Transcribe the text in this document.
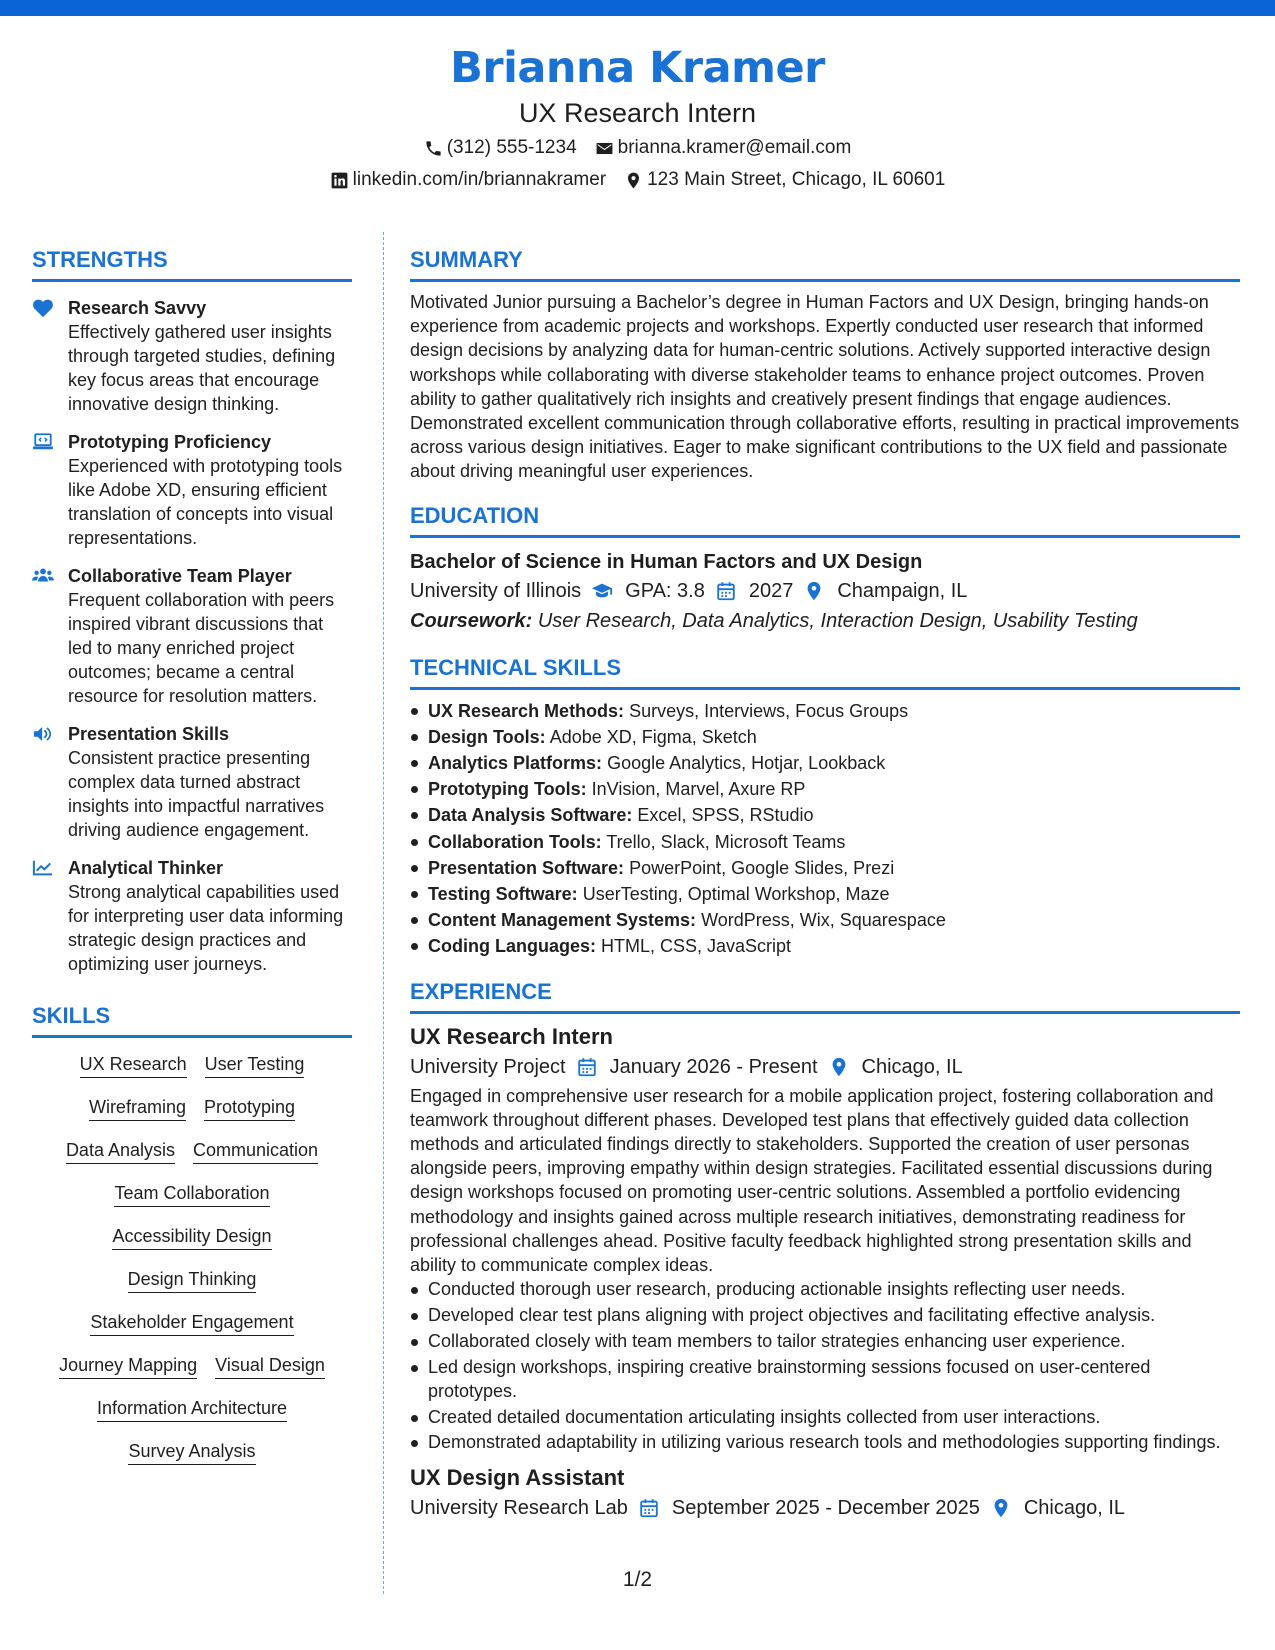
Brianna Kramer
UX Research Intern
(312) 555-1234 brianna.kramer@email.com
linkedin.com/in/briannakramer 123 Main Street, Chicago, IL 60601
STRENGTHS
Research Savvy
Effectively gathered user insights through targeted studies, defining key focus areas that encourage innovative design thinking.
Prototyping Proficiency
Experienced with prototyping tools like Adobe XD, ensuring efficient translation of concepts into visual representations.
Collaborative Team Player
Frequent collaboration with peers inspired vibrant discussions that led to many enriched project outcomes; became a central resource for resolution matters.
Presentation Skills
Consistent practice presenting complex data turned abstract insights into impactful narratives driving audience engagement.
Analytical Thinker
Strong analytical capabilities used for interpreting user data informing strategic design practices and optimizing user journeys.
SKILLS
UX Research User Testing
Wireframing Prototyping
Data Analysis Communication
Team Collaboration
Accessibility Design
Design Thinking
Stakeholder Engagement
Journey Mapping Visual Design
Information Architecture
Survey Analysis
SUMMARY
Motivated Junior pursuing a Bachelor’s degree in Human Factors and UX Design, bringing hands-on experience from academic projects and workshops. Expertly conducted user research that informed design decisions by analyzing data for human-centric solutions. Actively supported interactive design workshops while collaborating with diverse stakeholder teams to enhance project outcomes. Proven ability to gather qualitatively rich insights and creatively present findings that engage audiences. Demonstrated excellent communication through collaborative efforts, resulting in practical improvements across various design initiatives. Eager to make significant contributions to the UX field and passionate about driving meaningful user experiences.
EDUCATION
Bachelor of Science in Human Factors and UX Design
University of Illinois GPA: 3.8 2027 Champaign, IL
Coursework: User Research, Data Analytics, Interaction Design, Usability Testing
TECHNICAL SKILLS
UX Research Methods: Surveys, Interviews, Focus Groups
Design Tools: Adobe XD, Figma, Sketch
Analytics Platforms: Google Analytics, Hotjar, Lookback
Prototyping Tools: InVision, Marvel, Axure RP
Data Analysis Software: Excel, SPSS, RStudio
Collaboration Tools: Trello, Slack, Microsoft Teams
Presentation Software: PowerPoint, Google Slides, Prezi
Testing Software: UserTesting, Optimal Workshop, Maze
Content Management Systems: WordPress, Wix, Squarespace
Coding Languages: HTML, CSS, JavaScript
EXPERIENCE
UX Research Intern
University Project January 2026 - Present Chicago, IL
Engaged in comprehensive user research for a mobile application project, fostering collaboration and teamwork throughout different phases. Developed test plans that effectively guided data collection methods and articulated findings directly to stakeholders. Supported the creation of user personas alongside peers, improving empathy within design strategies. Facilitated essential discussions during design workshops focused on promoting user-centric solutions. Assembled a portfolio evidencing methodology and insights gained across multiple research initiatives, demonstrating readiness for professional challenges ahead. Positive faculty feedback highlighted strong presentation skills and ability to communicate complex ideas.
Conducted thorough user research, producing actionable insights reflecting user needs.
Developed clear test plans aligning with project objectives and facilitating effective analysis.
Collaborated closely with team members to tailor strategies enhancing user experience.
Led design workshops, inspiring creative brainstorming sessions focused on user-centered prototypes.
Created detailed documentation articulating insights collected from user interactions.
Demonstrated adaptability in utilizing various research tools and methodologies supporting findings.
UX Design Assistant
University Research Lab September 2025 - December 2025 Chicago, IL
1/2
